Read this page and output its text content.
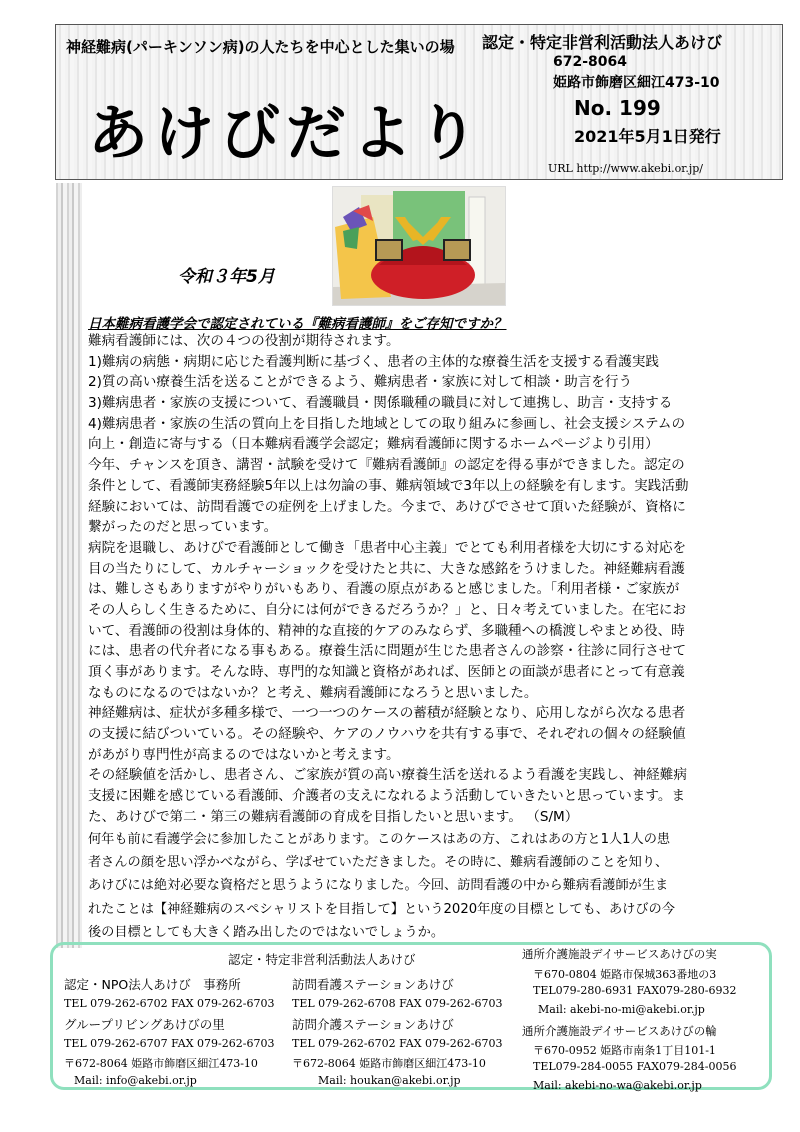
神経難病(パーキンソン病)の人たちを中心とした集いの場
あけびだより
認定・特定非営利活動法人あけび
672-8064
姫路市飾磨区細江473-10
No. 199
2021年5月1日発行
URL http://www.akebi.or.jp/
令和３年5月
日本難病看護学会で認定されている『難病看護師』をご存知ですか？
難病看護師には、次の４つの役割が期待されます。
1)難病の病態・病期に応じた看護判断に基づく、患者の主体的な療養生活を支援する看護実践
2)質の高い療養生活を送ることができるよう、難病患者・家族に対して相談・助言を行う
3)難病患者・家族の支援について、看護職員・関係職種の職員に対して連携し、助言・支持する
4)難病患者・家族の生活の質向上を目指した地域としての取り組みに参画し、社会支援システムの
向上・創造に寄与する（日本難病看護学会認定；難病看護師に関するホームページより引用）
今年、チャンスを頂き、講習・試験を受けて『難病看護師』の認定を得る事ができました。認定の
条件として、看護師実務経験5年以上は勿論の事、難病領域で3年以上の経験を有します。実践活動
経験においては、訪問看護での症例を上げました。今まで、あけびでさせて頂いた経験が、資格に
繋がったのだと思っています。
病院を退職し、あけびで看護師として働き「患者中心主義」でとても利用者様を大切にする対応を
目の当たりにして、カルチャーショックを受けたと共に、大きな感銘をうけました。神経難病看護
は、難しさもありますがやりがいもあり、看護の原点があると感じました。「利用者様・ご家族が
その人らしく生きるために、自分には何ができるだろうか？」と、日々考えていました。在宅にお
いて、看護師の役割は身体的、精神的な直接的ケアのみならず、多職種への橋渡しやまとめ役、時
には、患者の代弁者になる事もある。療養生活に問題が生じた患者さんの診察・往診に同行させて
頂く事があります。そんな時、専門的な知識と資格があれば、医師との面談が患者にとって有意義
なものになるのではないか？と考え、難病看護師になろうと思いました。
神経難病は、症状が多種多様で、一つ一つのケースの蓄積が経験となり、応用しながら次なる患者
の支援に結びついている。その経験や、ケアのノウハウを共有する事で、それぞれの個々の経験値
があがり専門性が高まるのではないかと考えます。
その経験値を活かし、患者さん、ご家族が質の高い療養生活を送れるよう看護を実践し、神経難病
支援に困難を感じている看護師、介護者の支えになれるよう活動していきたいと思っています。ま
た、あけびで第二・第三の難病看護師の育成を目指したいと思います。 （S/M）
何年も前に看護学会に参加したことがあります。このケースはあの方、これはあの方と1人1人の患
者さんの顔を思い浮かべながら、学ばせていただきました。その時に、難病看護師のことを知り、
あけびには絶対必要な資格だと思うようになりました。今回、訪問看護の中から難病看護師が生ま
れたことは【神経難病のスペシャリストを目指して】という2020年度の目標としても、あけびの今
後の目標としても大きく踏み出したのではないでしょうか。
認定・特定非営利活動法人あけび
認定・NPO法人あけび　事務所
TEL 079-262-6702 FAX 079-262-6703
グループリビングあけびの里
TEL 079-262-6707 FAX 079-262-6703
〒672-8064 姫路市飾磨区細江473-10
Mail: info@akebi.or.jp
訪問看護ステーションあけび
TEL 079-262-6708 FAX 079-262-6703
訪問介護ステーションあけび
TEL 079-262-6702 FAX 079-262-6703
〒672-8064 姫路市飾磨区細江473-10
Mail: houkan@akebi.or.jp
通所介護施設デイサービスあけびの実
〒670-0804 姫路市保城363番地の3
TEL079-280-6931 FAX079-280-6932
Mail: akebi-no-mi@akebi.or.jp
通所介護施設デイサービスあけびの輪
〒670-0952 姫路市南条1丁目101-1
TEL079-284-0055 FAX079-284-0056
Mail: akebi-no-wa@akebi.or.jp
